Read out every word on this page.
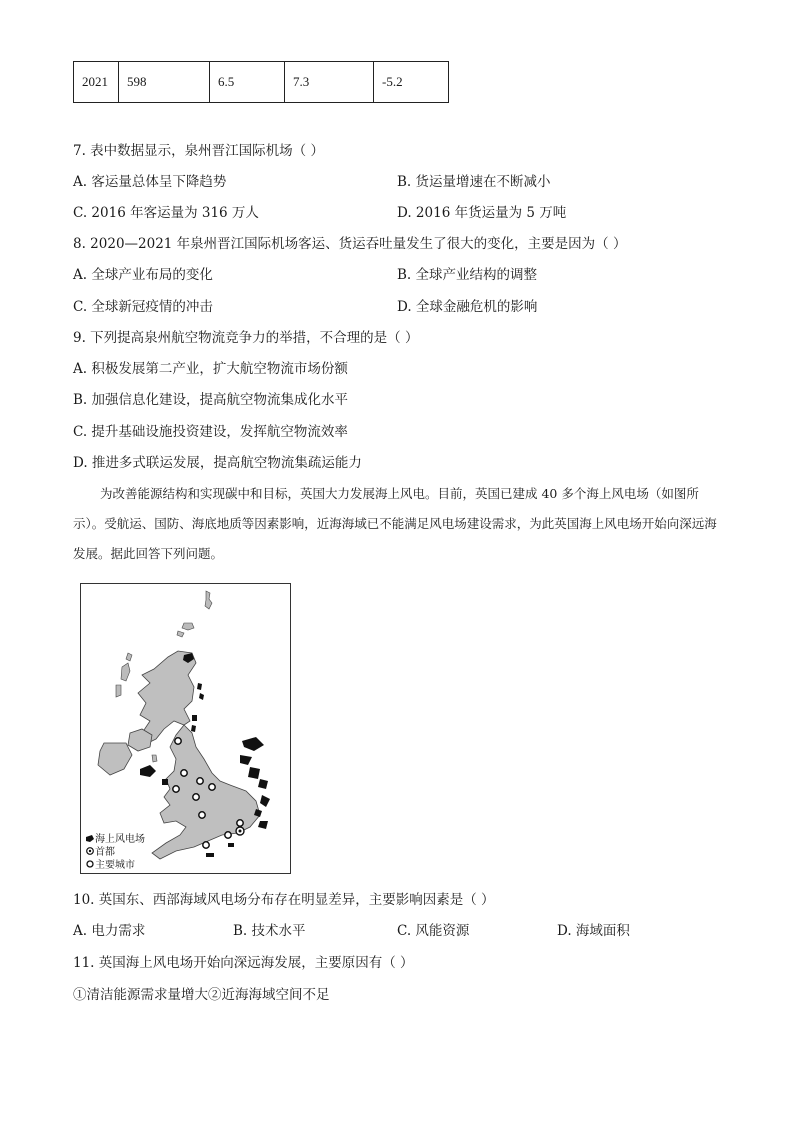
2021	598	6.5	7.3	-5.2
7. 表中数据显示，泉州晋江国际机场（ ）
A. 客运量总体呈下降趋势	B. 货运量增速在不断减小
C. 2016 年客运量为 316 万人	D. 2016 年货运量为 5 万吨
8. 2020—2021 年泉州晋江国际机场客运、货运吞吐量发生了很大的变化，主要是因为（ ）
A. 全球产业布局的变化	B. 全球产业结构的调整
C. 全球新冠疫情的冲击	D. 全球金融危机的影响
9. 下列提高泉州航空物流竞争力的举措，不合理的是（ ）
A. 积极发展第二产业，扩大航空物流市场份额
B. 加强信息化建设，提高航空物流集成化水平
C. 提升基础设施投资建设，发挥航空物流效率
D. 推进多式联运发展，提高航空物流集疏运能力
为改善能源结构和实现碳中和目标，英国大力发展海上风电。目前，英国已建成 40 多个海上风电场（如图所示）。受航运、国防、海底地质等因素影响，近海海域已不能满足风电场建设需求，为此英国海上风电场开始向深远海发展。据此回答下列问题。
海上风电场
首都
主要城市
10. 英国东、西部海域风电场分布存在明显差异，主要影响因素是（ ）
A. 电力需求	B. 技术水平	C. 风能资源	D. 海域面积
11. 英国海上风电场开始向深远海发展，主要原因有（ ）
①清洁能源需求量增大②近海海域空间不足
